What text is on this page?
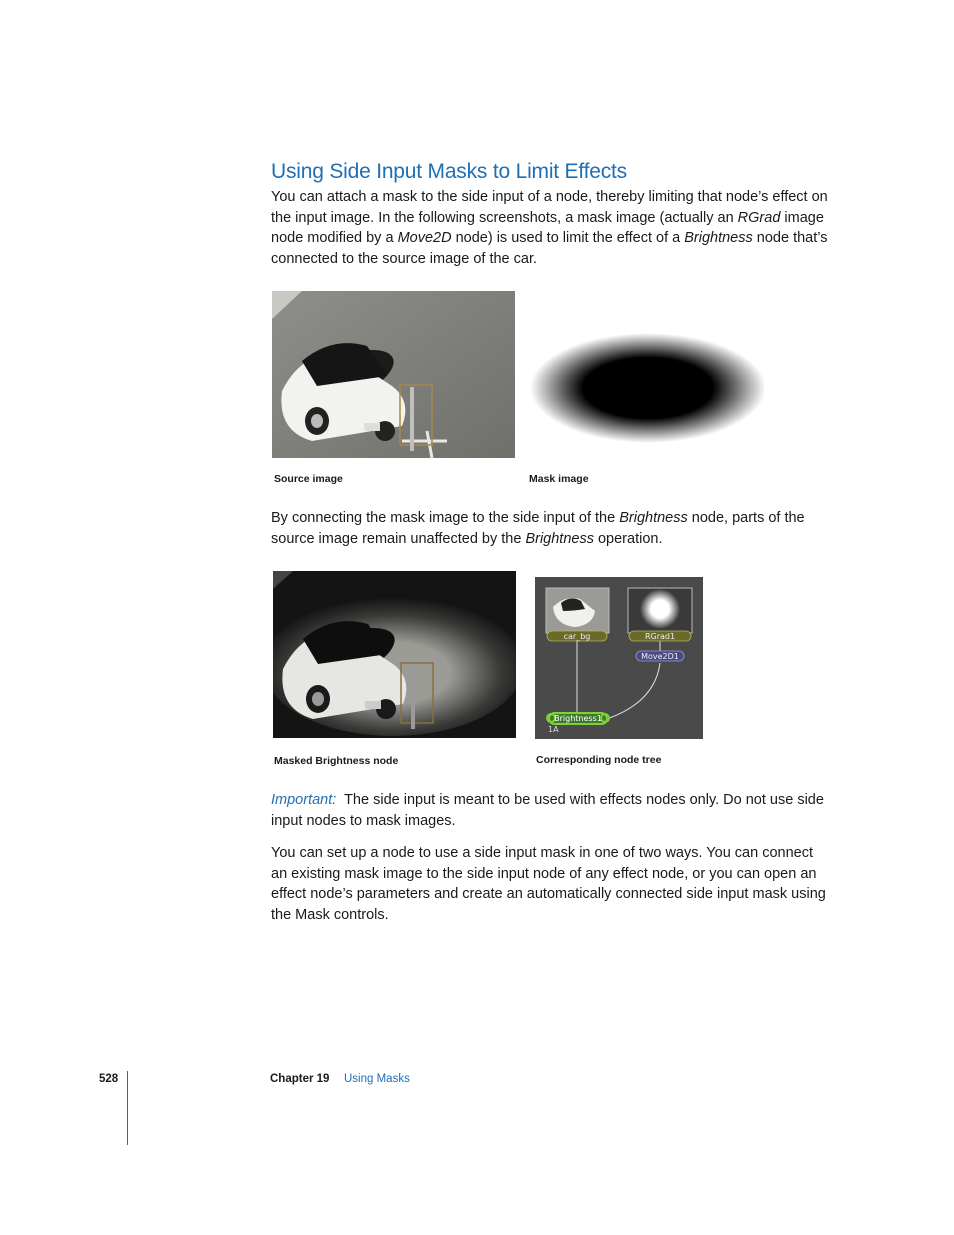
Using Side Input Masks to Limit Effects

You can attach a mask to the side input of a node, thereby limiting that node’s effect on the input image. In the following screenshots, a mask image (actually an RGrad image node modified by a Move2D node) is used to limit the effect of a Brightness node that’s connected to the source image of the car.

Source image	Mask image

By connecting the mask image to the side input of the Brightness node, parts of the source image remain unaffected by the Brightness operation.

Masked Brightness node
car_bg	RGrad1
Move2D1
Brightness1
1A
Corresponding node tree

Important: The side input is meant to be used with effects nodes only. Do not use side input nodes to mask images.

You can set up a node to use a side input mask in one of two ways. You can connect an existing mask image to the side input node of any effect node, or you can open an effect node’s parameters and create an automatically connected side input mask using the Mask controls.

528	Chapter 19 Using Masks
